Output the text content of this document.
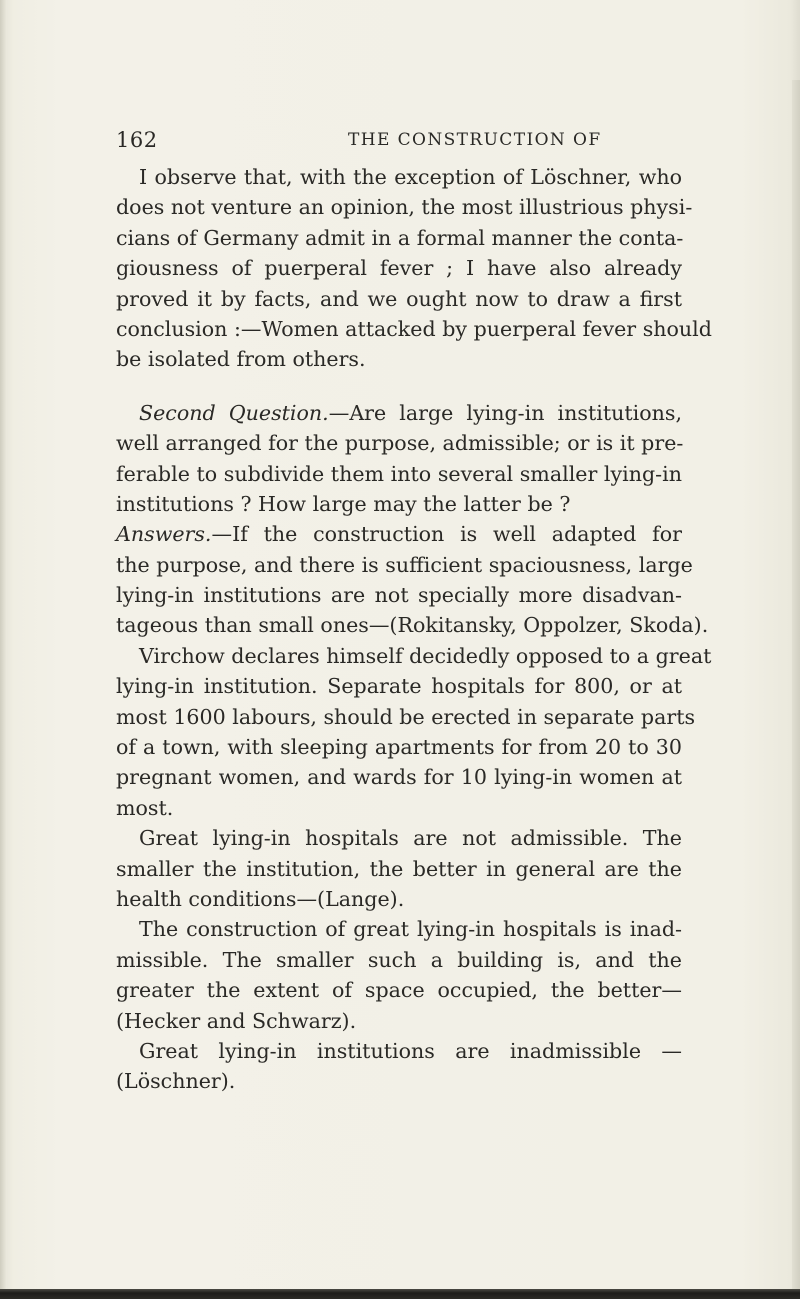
162	THE CONSTRUCTION OF
I observe that, with the exception of Löschner, who
does not venture an opinion, the most illustrious physi-
cians of Germany admit in a formal manner the conta-
giousness of puerperal fever ; I have also already
proved it by facts, and we ought now to draw a first
conclusion :—Women attacked by puerperal fever should
be isolated from others.
Second Question.—Are large lying-in institutions,
well arranged for the purpose, admissible; or is it pre-
ferable to subdivide them into several smaller lying-in
institutions ? How large may the latter be ?
Answers.—If the construction is well adapted for
the purpose, and there is sufficient spaciousness, large
lying-in institutions are not specially more disadvan-
tageous than small ones—(Rokitansky, Oppolzer, Skoda).
Virchow declares himself decidedly opposed to a great
lying-in institution. Separate hospitals for 800, or at
most 1600 labours, should be erected in separate parts
of a town, with sleeping apartments for from 20 to 30
pregnant women, and wards for 10 lying-in women at
most.
Great lying-in hospitals are not admissible. The
smaller the institution, the better in general are the
health conditions—(Lange).
The construction of great lying-in hospitals is inad-
missible. The smaller such a building is, and the
greater the extent of space occupied, the better—
(Hecker and Schwarz).
Great lying-in institutions are inadmissible —
(Löschner).
